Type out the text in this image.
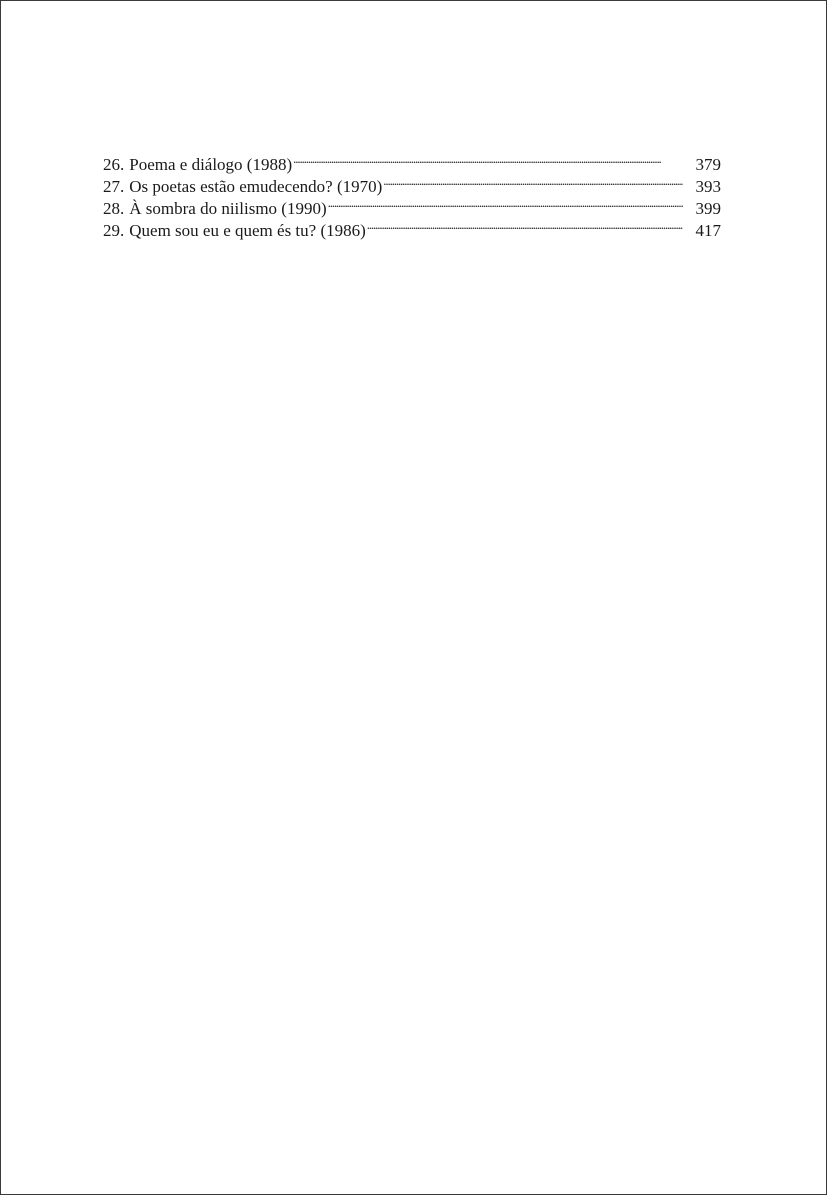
26. Poema e diálogo (1988) . . .	379
27. Os poetas estão emudecendo? (1970) . . .	393
28. À sombra do niilismo (1990) . . .	399
29. Quem sou eu e quem és tu? (1986) . . .	417
